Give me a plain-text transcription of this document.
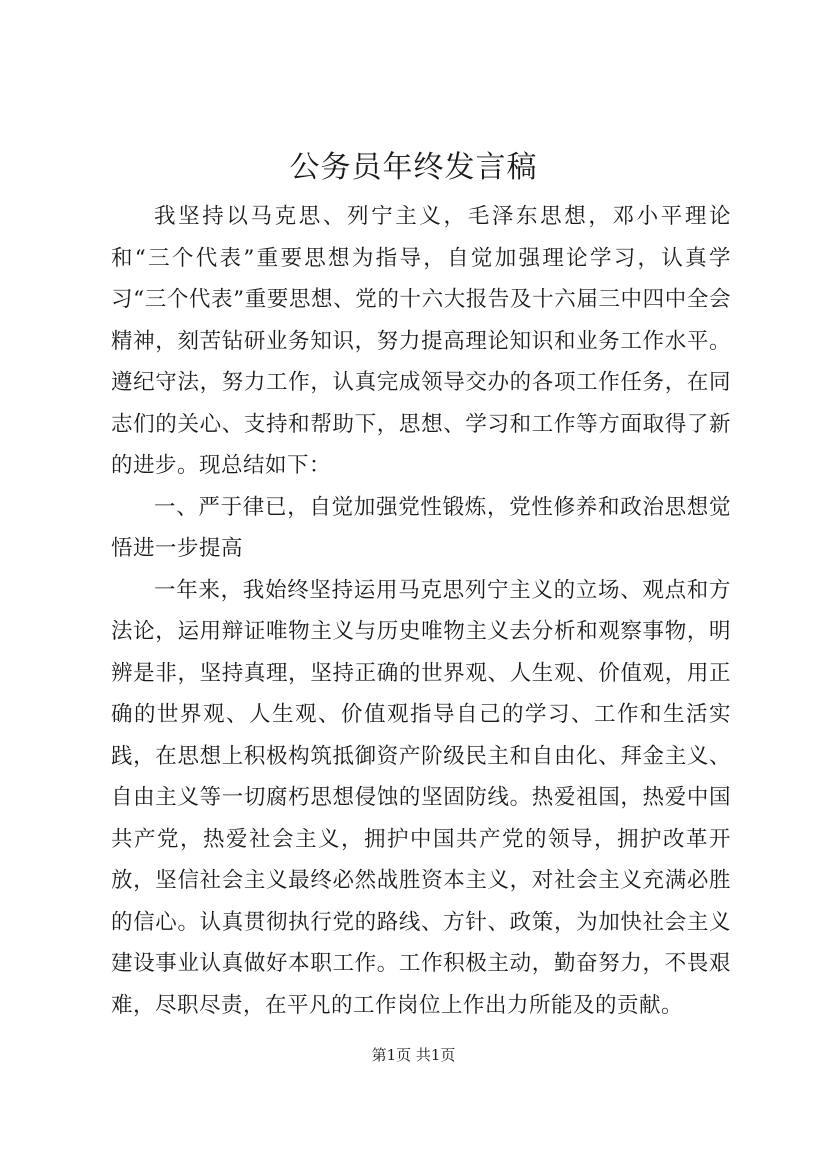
公务员年终发言稿

我坚持以马克思、列宁主义，毛泽东思想，邓小平理论和“三个代表”重要思想为指导，自觉加强理论学习，认真学习“三个代表”重要思想、党的十六大报告及十六届三中四中全会精神，刻苦钻研业务知识，努力提高理论知识和业务工作水平。遵纪守法，努力工作，认真完成领导交办的各项工作任务，在同志们的关心、支持和帮助下，思想、学习和工作等方面取得了新的进步。现总结如下：

一、严于律已，自觉加强党性锻炼，党性修养和政治思想觉悟进一步提高

一年来，我始终坚持运用马克思列宁主义的立场、观点和方法论，运用辩证唯物主义与历史唯物主义去分析和观察事物，明辨是非，坚持真理，坚持正确的世界观、人生观、价值观，用正确的世界观、人生观、价值观指导自己的学习、工作和生活实践，在思想上积极构筑抵御资产阶级民主和自由化、拜金主义、自由主义等一切腐朽思想侵蚀的坚固防线。热爱祖国，热爱中国共产党，热爱社会主义，拥护中国共产党的领导，拥护改革开放，坚信社会主义最终必然战胜资本主义，对社会主义充满必胜的信心。认真贯彻执行党的路线、方针、政策，为加快社会主义建设事业认真做好本职工作。工作积极主动，勤奋努力，不畏艰难，尽职尽责，在平凡的工作岗位上作出力所能及的贡献。

第1页 共1页
